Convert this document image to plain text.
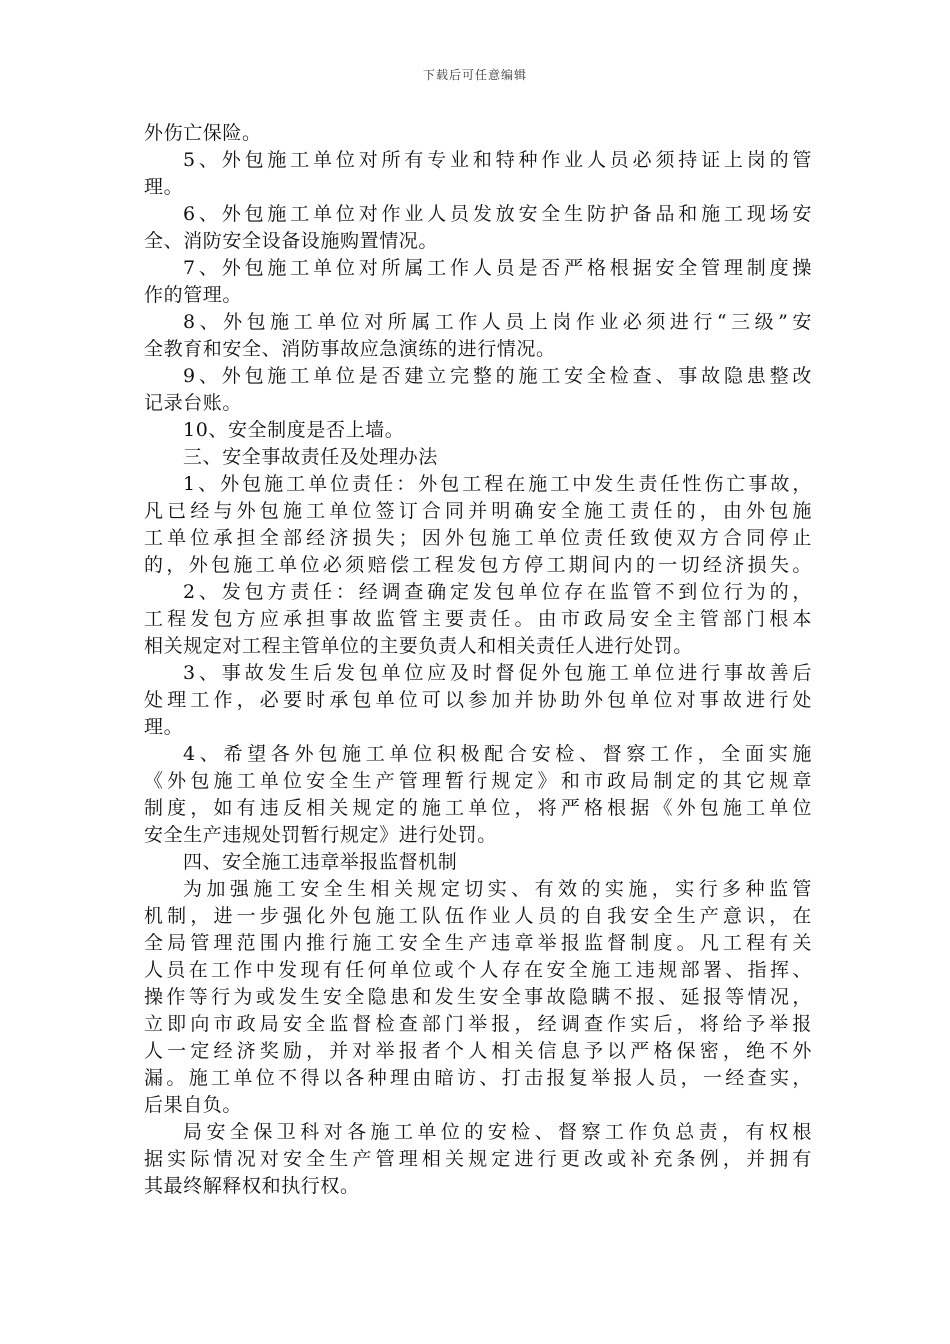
下载后可任意编辑
外伤亡保险。
5、外包施工单位对所有专业和特种作业人员必须持证上岗的管
理。
6、外包施工单位对作业人员发放安全生防护备品和施工现场安
全、消防安全设备设施购置情况。
7、外包施工单位对所属工作人员是否严格根据安全管理制度操
作的管理。
8、外包施工单位对所属工作人员上岗作业必须进行“三级”安
全教育和安全、消防事故应急演练的进行情况。
9、外包施工单位是否建立完整的施工安全检查、事故隐患整改
记录台账。
10、安全制度是否上墙。
三、安全事故责任及处理办法
1、外包施工单位责任：外包工程在施工中发生责任性伤亡事故，
凡已经与外包施工单位签订合同并明确安全施工责任的，由外包施
工单位承担全部经济损失；因外包施工单位责任致使双方合同停止
的，外包施工单位必须赔偿工程发包方停工期间内的一切经济损失。
2、发包方责任：经调查确定发包单位存在监管不到位行为的，
工程发包方应承担事故监管主要责任。由市政局安全主管部门根本
相关规定对工程主管单位的主要负责人和相关责任人进行处罚。
3、事故发生后发包单位应及时督促外包施工单位进行事故善后
处理工作，必要时承包单位可以参加并协助外包单位对事故进行处
理。
4、希望各外包施工单位积极配合安检、督察工作，全面实施
《外包施工单位安全生产管理暂行规定》和市政局制定的其它规章
制度，如有违反相关规定的施工单位，将严格根据《外包施工单位
安全生产违规处罚暂行规定》进行处罚。
四、安全施工违章举报监督机制
为加强施工安全生相关规定切实、有效的实施，实行多种监管
机制，进一步强化外包施工队伍作业人员的自我安全生产意识，在
全局管理范围内推行施工安全生产违章举报监督制度。凡工程有关
人员在工作中发现有任何单位或个人存在安全施工违规部署、指挥、
操作等行为或发生安全隐患和发生安全事故隐瞒不报、延报等情况，
立即向市政局安全监督检查部门举报，经调查作实后，将给予举报
人一定经济奖励，并对举报者个人相关信息予以严格保密，绝不外
漏。施工单位不得以各种理由暗访、打击报复举报人员，一经查实，
后果自负。
局安全保卫科对各施工单位的安检、督察工作负总责，有权根
据实际情况对安全生产管理相关规定进行更改或补充条例，并拥有
其最终解释权和执行权。
